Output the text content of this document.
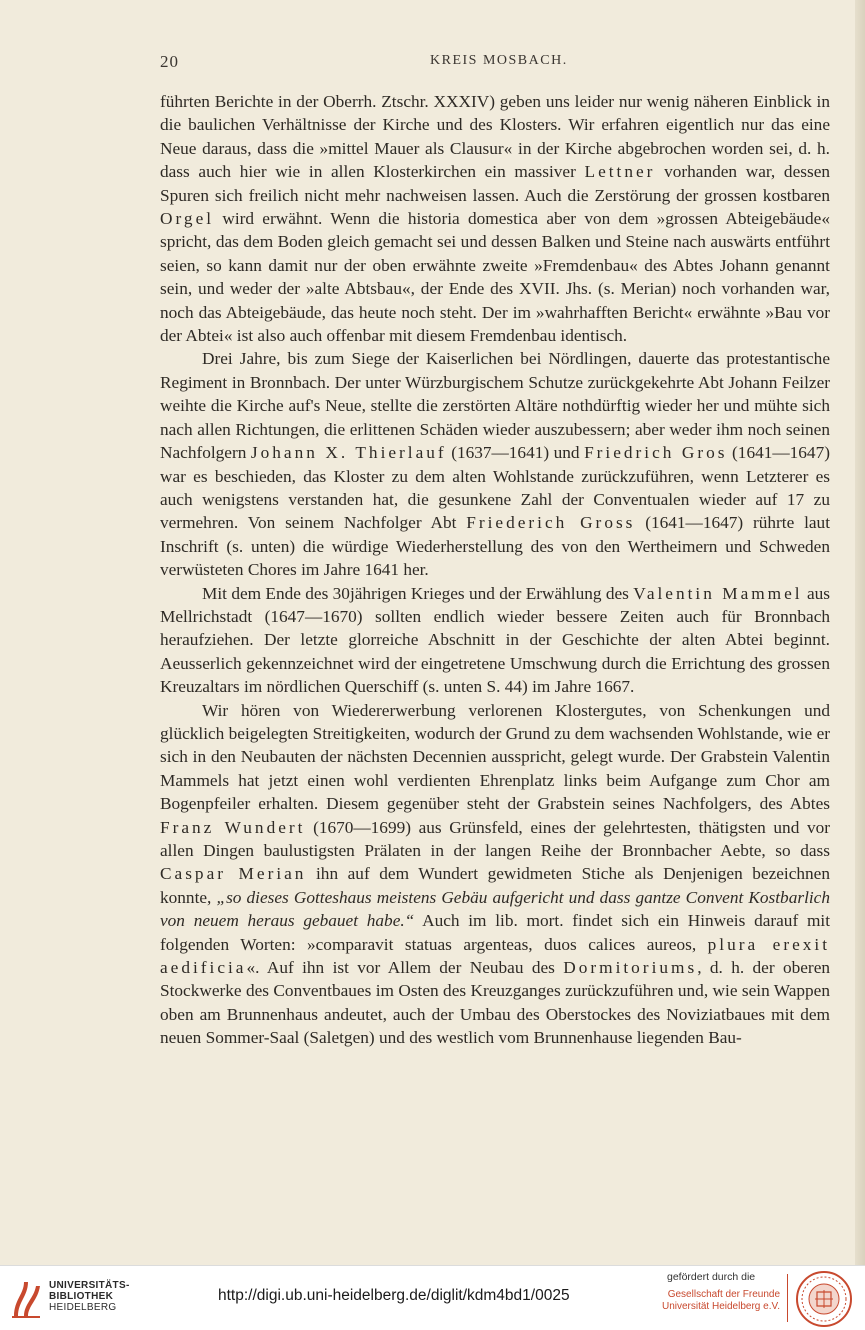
20	KREIS MOSBACH.

führten Berichte in der Oberrh. Ztschr. XXXIV) geben uns leider nur wenig näheren Einblick in die baulichen Verhältnisse der Kirche und des Klosters. Wir erfahren eigentlich nur das eine Neue daraus, dass die »mittel Mauer als Clausur« in der Kirche abgebrochen worden sei, d. h. dass auch hier wie in allen Klosterkirchen ein massiver Lettner vorhanden war, dessen Spuren sich freilich nicht mehr nachweisen lassen. Auch die Zerstörung der grossen kostbaren Orgel wird erwähnt. Wenn die historia domestica aber von dem »grossen Abteigebäude« spricht, das dem Boden gleich gemacht sei und dessen Balken und Steine nach auswärts entführt seien, so kann damit nur der oben erwähnte zweite »Fremdenbau« des Abtes Johann genannt sein, und weder der »alte Abtsbau«, der Ende des XVII. Jhs. (s. Merian) noch vorhanden war, noch das Abteigebäude, das heute noch steht. Der im »wahrhafften Bericht« erwähnte »Bau vor der Abtei« ist also auch offenbar mit diesem Fremdenbau identisch.

Drei Jahre, bis zum Siege der Kaiserlichen bei Nördlingen, dauerte das protestantische Regiment in Bronnbach. Der unter Würzburgischem Schutze zurückgekehrte Abt Johann Feilzer weihte die Kirche auf's Neue, stellte die zerstörten Altäre nothdürftig wieder her und mühte sich nach allen Richtungen, die erlittenen Schäden wieder auszubessern; aber weder ihm noch seinen Nachfolgern Johann X. Thierlauf (1637—1641) und Friedrich Gros (1641—1647) war es beschieden, das Kloster zu dem alten Wohlstande zurückzuführen, wenn Letzterer es auch wenigstens verstanden hat, die gesunkene Zahl der Conventualen wieder auf 17 zu vermehren. Von seinem Nachfolger Abt Friederich Gross (1641—1647) rührte laut Inschrift (s. unten) die würdige Wiederherstellung des von den Wertheimern und Schweden verwüsteten Chores im Jahre 1641 her.

Mit dem Ende des 30jährigen Krieges und der Erwählung des Valentin Mammel aus Mellrichstadt (1647—1670) sollten endlich wieder bessere Zeiten auch für Bronnbach heraufziehen. Der letzte glorreiche Abschnitt in der Geschichte der alten Abtei beginnt. Aeusserlich gekennzeichnet wird der eingetretene Umschwung durch die Errichtung des grossen Kreuzaltars im nördlichen Querschiff (s. unten S. 44) im Jahre 1667.

Wir hören von Wiedererwerbung verlorenen Klostergutes, von Schenkungen und glücklich beigelegten Streitigkeiten, wodurch der Grund zu dem wachsenden Wohlstande, wie er sich in den Neubauten der nächsten Decennien ausspricht, gelegt wurde. Der Grabstein Valentin Mammels hat jetzt einen wohl verdienten Ehrenplatz links beim Aufgange zum Chor am Bogenpfeiler erhalten. Diesem gegenüber steht der Grabstein seines Nachfolgers, des Abtes Franz Wundert (1670—1699) aus Grünsfeld, eines der gelehrtesten, thätigsten und vor allen Dingen baulustigsten Prälaten in der langen Reihe der Bronnbacher Aebte, so dass Caspar Merian ihn auf dem Wundert gewidmeten Stiche als Denjenigen bezeichnen konnte, „so dieses Gotteshaus meistens Gebäu aufgericht und dass gantze Convent Kostbarlich von neuem heraus gebauet habe.“ Auch im lib. mort. findet sich ein Hinweis darauf mit folgenden Worten: »comparavit statuas argenteas, duos calices aureos, plura erexit aedificia«. Auf ihn ist vor Allem der Neubau des Dormitoriums, d. h. der oberen Stockwerke des Conventbaues im Osten des Kreuzganges zurückzuführen und, wie sein Wappen oben am Brunnenhaus andeutet, auch der Umbau des Oberstockes des Noviziatbaues mit dem neuen Sommer-Saal (Saletgen) und des westlich vom Brunnenhause liegenden Bau-

UNIVERSITÄTS-
BIBLIOTHEK
HEIDELBERG
http://digi.ub.uni-heidelberg.de/diglit/kdm4bd1/0025
gefördert durch die
Gesellschaft der Freunde
Universität Heidelberg e.V.
